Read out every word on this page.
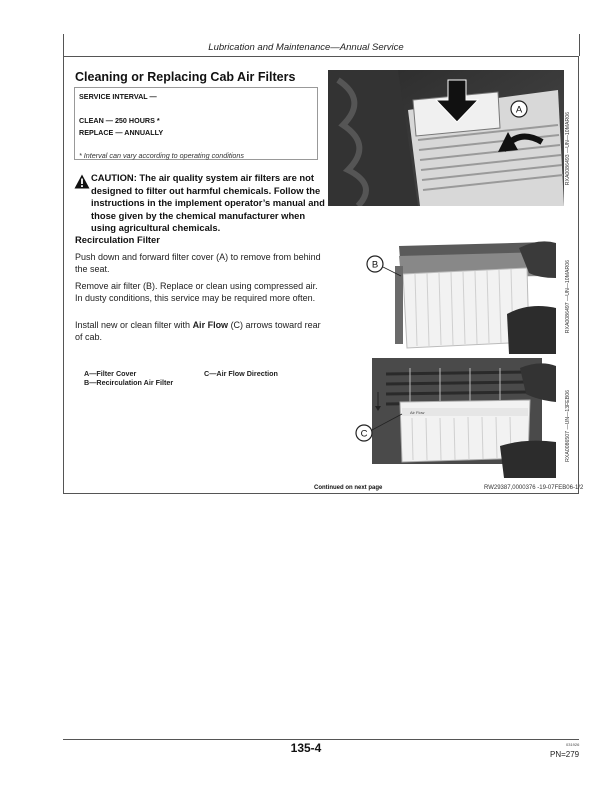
Lubrication and Maintenance—Annual Service
Cleaning or Replacing Cab Air Filters
SERVICE INTERVAL —
CLEAN — 250 HOURS *
REPLACE — ANNUALLY
* Interval can vary according to operating conditions
CAUTION: The air quality system air filters are not designed to filter out harmful chemicals. Follow the instructions in the implement operator’s manual and those given by the chemical manufacturer when using agricultural chemicals.
Recirculation Filter
Push down and forward filter cover (A) to remove from behind the seat.
Remove air filter (B). Replace or clean using compressed air. In dusty conditions, this service may be required more often.
Install new or clean filter with Air Flow (C) arrows toward rear of cab.
A—Filter Cover
B—Recirculation Air Filter
C—Air Flow Direction
A
RXA0086493 —UN—10MAR06
B	RXA0086497 —UN—10MAR06
Air Flow
C	RXA0086507 —UN—13FEB06
Continued on next page	RW29387,0000376 -19-07FEB06-1/2
135-4	031926
PN=279
